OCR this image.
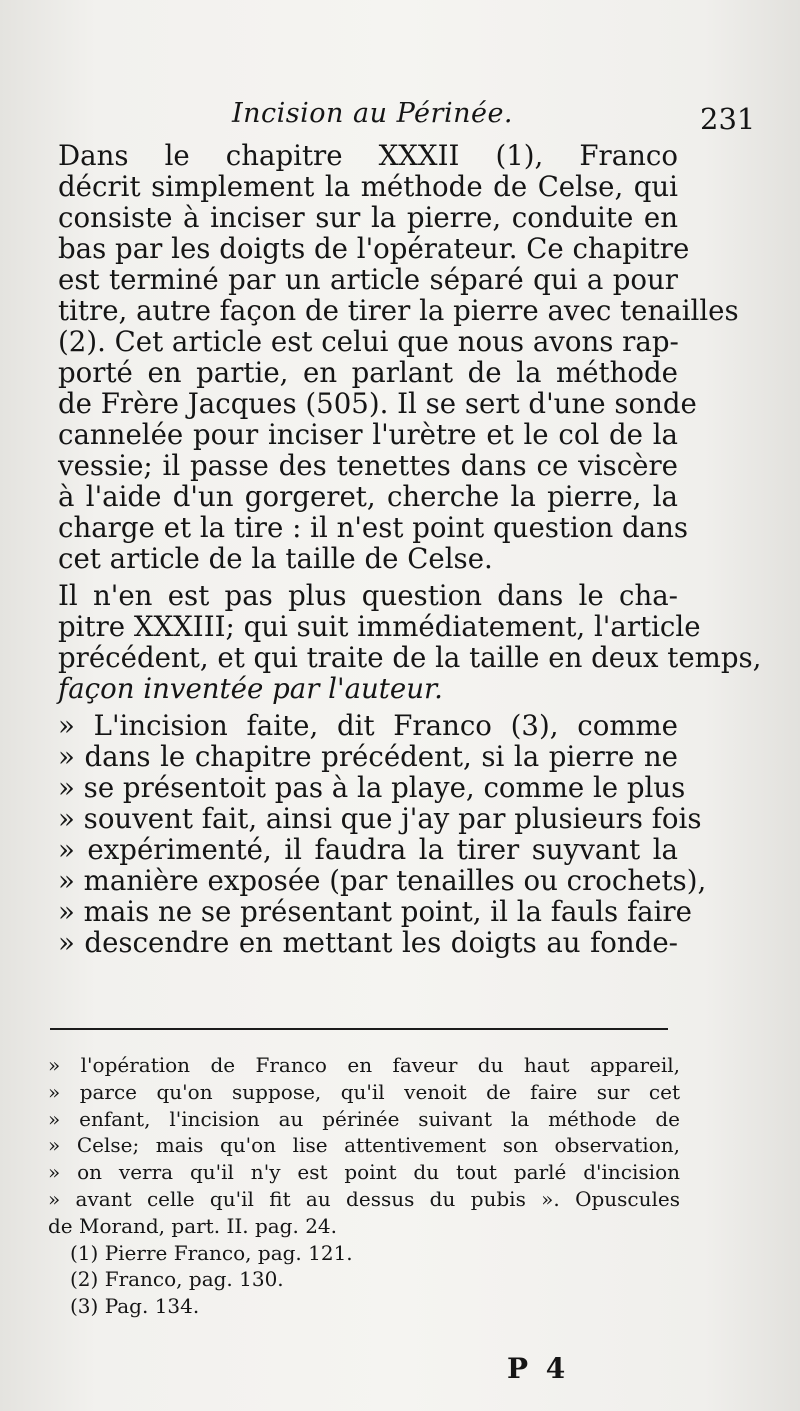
Incision au Périnée.	231
Dans le chapitre XXXII (1), Franco
décrit simplement la méthode de Celse, qui
consiste à inciser sur la pierre, conduite en
bas par les doigts de l'opérateur. Ce chapitre
est terminé par un article séparé qui a pour
titre, autre façon de tirer la pierre avec tenailles
(2). Cet article est celui que nous avons rap-
porté en partie, en parlant de la méthode
de Frère Jacques (505). Il se sert d'une sonde
cannelée pour inciser l'urètre et le col de la
vessie; il passe des tenettes dans ce viscère
à l'aide d'un gorgeret, cherche la pierre, la
charge et la tire : il n'est point question dans
cet article de la taille de Celse.
Il n'en est pas plus question dans le cha-
pitre XXXIII; qui suit immédiatement, l'article
précédent, et qui traite de la taille en deux temps,
façon inventée par l'auteur.
» L'incision faite, dit Franco (3), comme
» dans le chapitre précédent, si la pierre ne
» se présentoit pas à la playe, comme le plus
» souvent fait, ainsi que j'ay par plusieurs fois
» expérimenté, il faudra la tirer suyvant la
» manière exposée (par tenailles ou crochets),
» mais ne se présentant point, il la fauls faire
» descendre en mettant les doigts au fonde-
» l'opération de Franco en faveur du haut appareil,
» parce qu'on suppose, qu'il venoit de faire sur cet
» enfant, l'incision au périnée suivant la méthode de
» Celse; mais qu'on lise attentivement son observation,
» on verra qu'il n'y est point du tout parlé d'incision
» avant celle qu'il fit au dessus du pubis ». Opuscules
de Morand, part. II. pag. 24.
(1) Pierre Franco, pag. 121.
(2) Franco, pag. 130.
(3) Pag. 134.
P 4
